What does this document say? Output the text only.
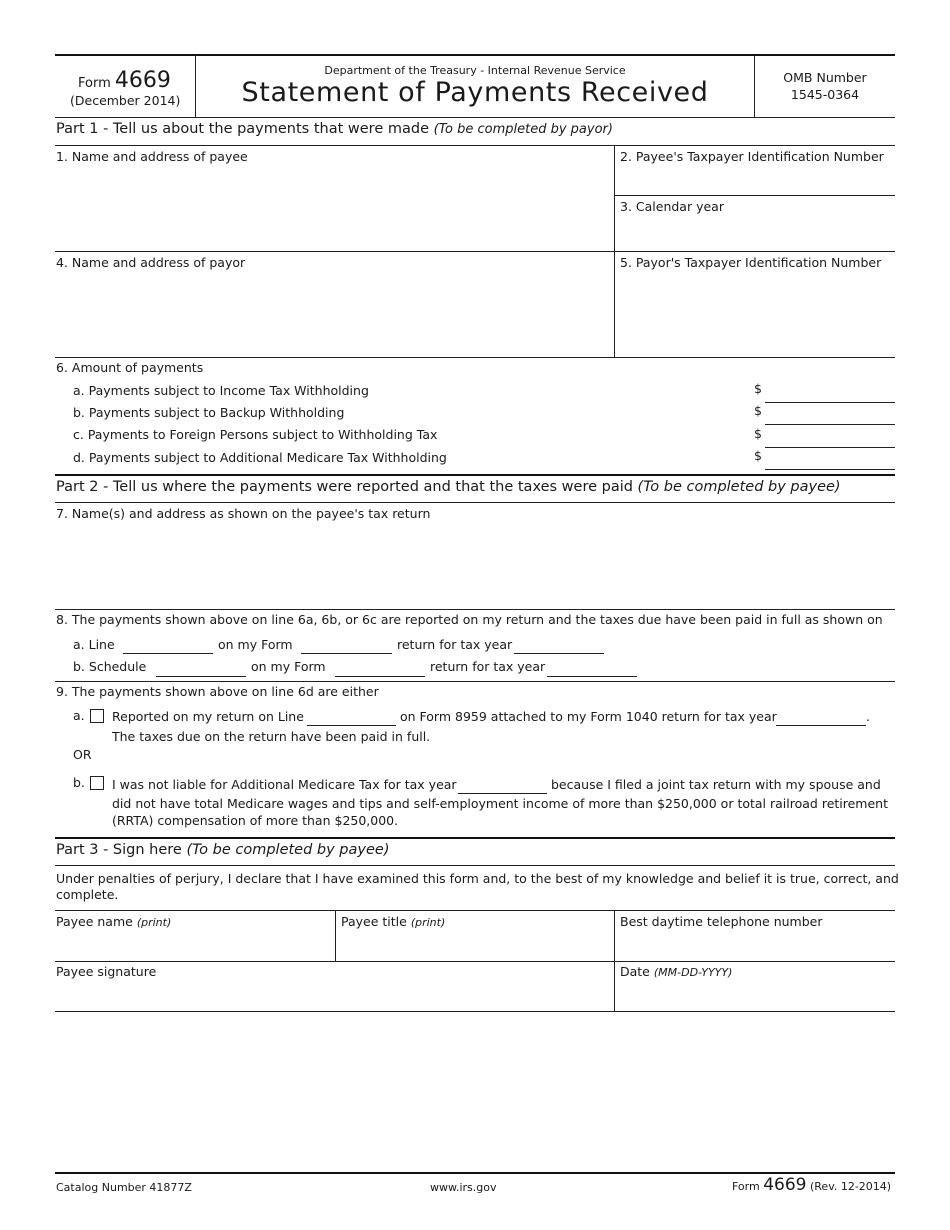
Form 4669
(December 2014)
Department of the Treasury - Internal Revenue Service
Statement of Payments Received	OMB Number
1545-0364
Part 1 - Tell us about the payments that were made (To be completed by payor)
1. Name and address of payee	2. Payee's Taxpayer Identification Number
3. Calendar year
4. Name and address of payor	5. Payor's Taxpayer Identification Number
6. Amount of payments
a. Payments subject to Income Tax Withholding	$
b. Payments subject to Backup Withholding	$
c. Payments to Foreign Persons subject to Withholding Tax	$
d. Payments subject to Additional Medicare Tax Withholding	$
Part 2 - Tell us where the payments were reported and that the taxes were paid (To be completed by payee)
7. Name(s) and address as shown on the payee's tax return
8. The payments shown above on line 6a, 6b, or 6c are reported on my return and the taxes due have been paid in full as shown on
a. Line	on my Form	return for tax year
b. Schedule	on my Form	return for tax year
9. The payments shown above on line 6d are either
a. Reported on my return on Line	on Form 8959 attached to my Form 1040 return for tax year	.
The taxes due on the return have been paid in full.
OR
b. I was not liable for Additional Medicare Tax for tax year	because I filed a joint tax return with my spouse and
did not have total Medicare wages and tips and self-employment income of more than $250,000 or total railroad retirement
(RRTA) compensation of more than $250,000.
Part 3 - Sign here (To be completed by payee)
Under penalties of perjury, I declare that I have examined this form and, to the best of my knowledge and belief it is true, correct, and
complete.
Payee name (print)	Payee title (print)	Best daytime telephone number
Payee signature	Date (MM-DD-YYYY)
Catalog Number 41877Z	www.irs.gov	Form 4669 (Rev. 12-2014)
